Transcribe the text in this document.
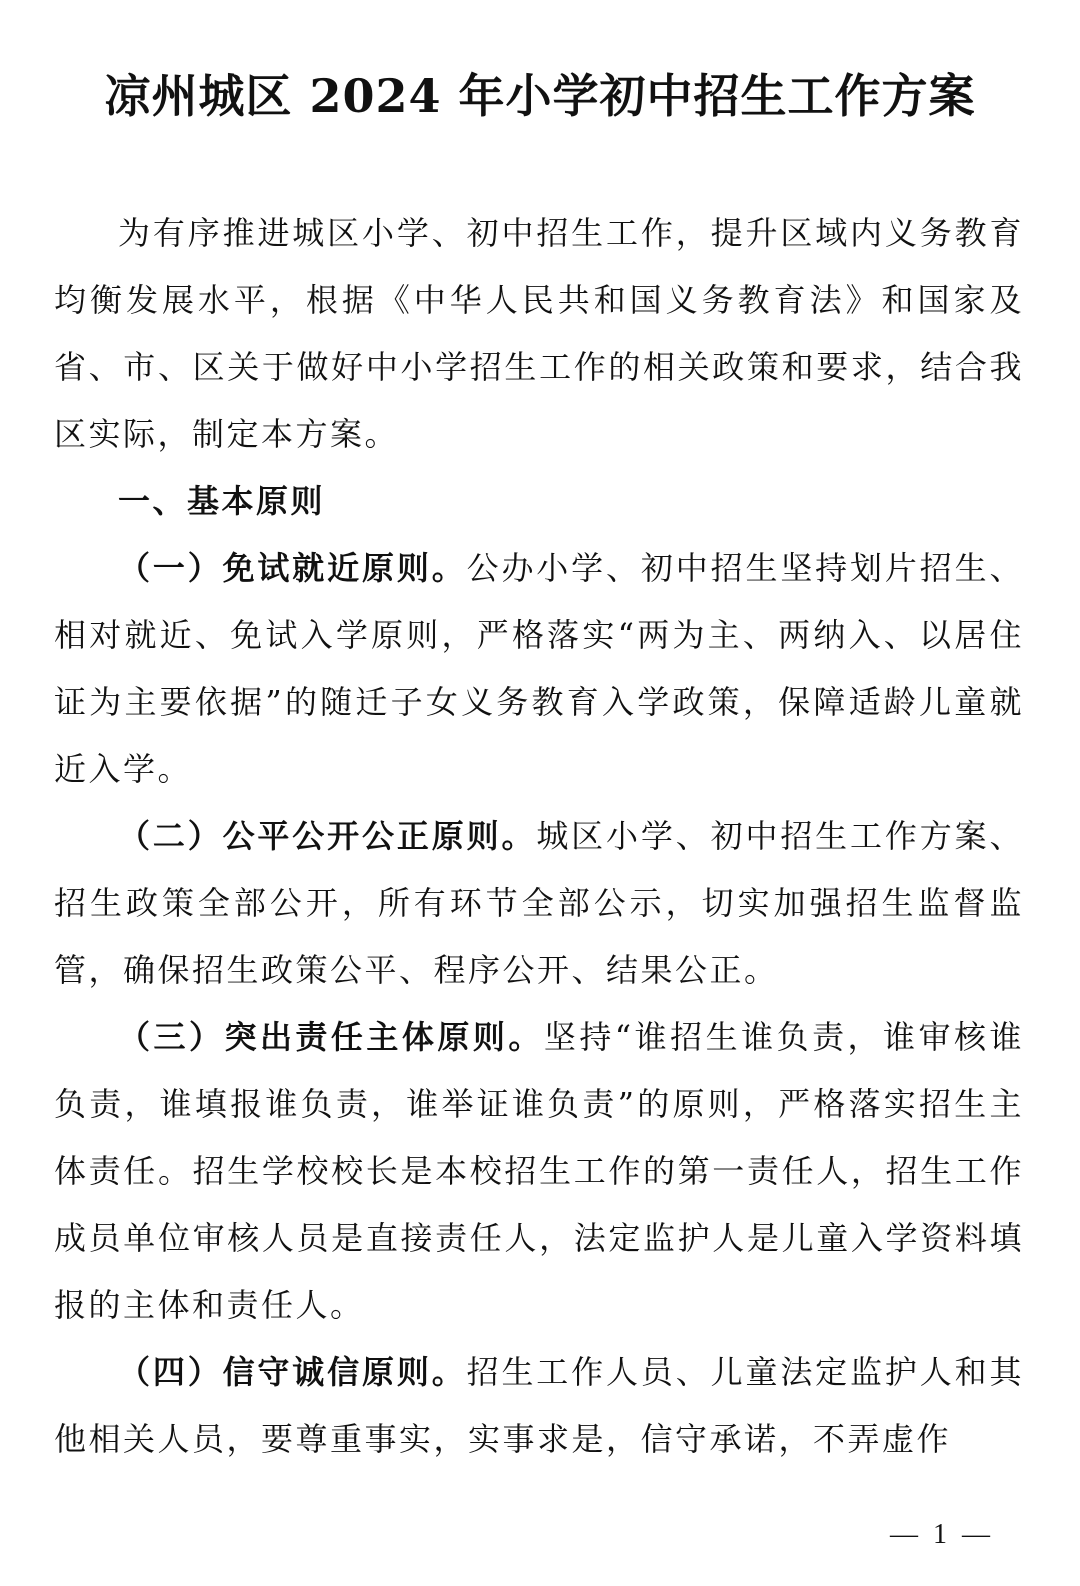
凉州城区 2024 年小学初中招生工作方案

为有序推进城区小学、初中招生工作，提升区域内义务教育均衡发展水平，根据《中华人民共和国义务教育法》和国家及省、市、区关于做好中小学招生工作的相关政策和要求，结合我区实际，制定本方案。

一、基本原则

（一）免试就近原则。公办小学、初中招生坚持划片招生、相对就近、免试入学原则，严格落实“两为主、两纳入、以居住证为主要依据”的随迁子女义务教育入学政策，保障适龄儿童就近入学。

（二）公平公开公正原则。城区小学、初中招生工作方案、招生政策全部公开，所有环节全部公示，切实加强招生监督监管，确保招生政策公平、程序公开、结果公正。

（三）突出责任主体原则。坚持“谁招生谁负责，谁审核谁负责，谁填报谁负责，谁举证谁负责”的原则，严格落实招生主体责任。招生学校校长是本校招生工作的第一责任人，招生工作成员单位审核人员是直接责任人，法定监护人是儿童入学资料填报的主体和责任人。

（四）信守诚信原则。招生工作人员、儿童法定监护人和其他相关人员，要尊重事实，实事求是，信守承诺，不弄虚作

— 1 —
